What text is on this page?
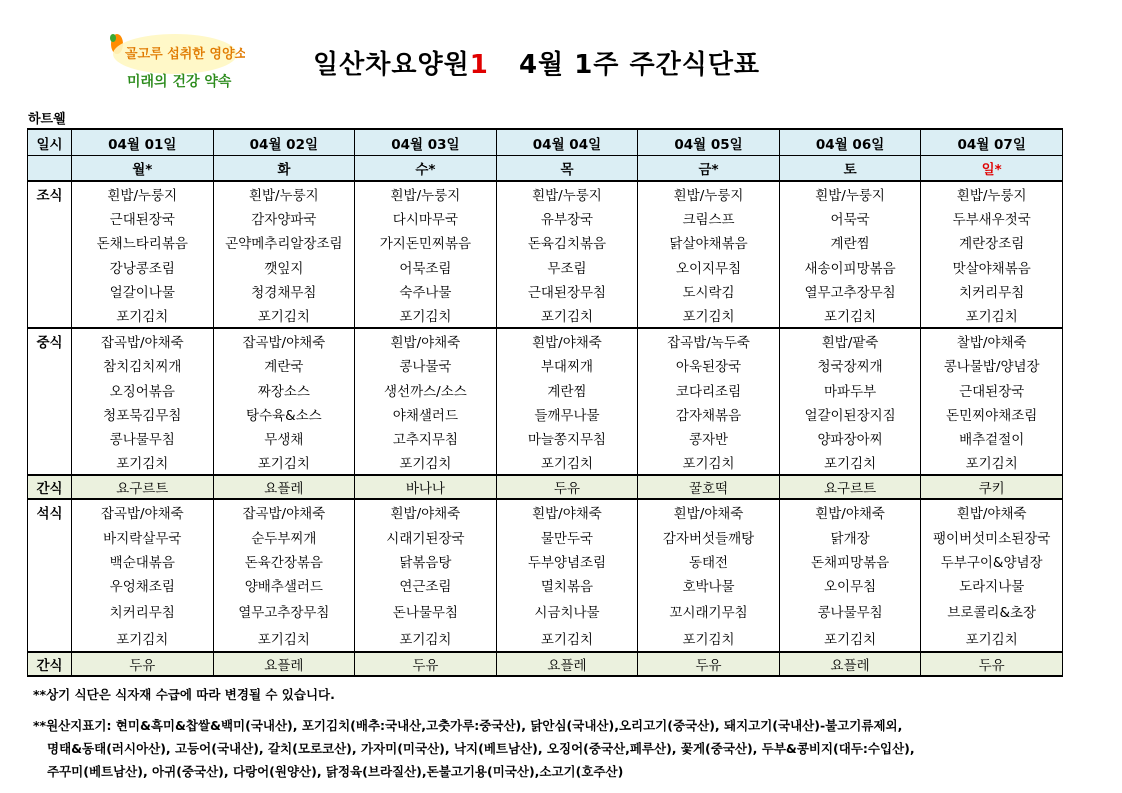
골고루 섭취한 영양소
미래의 건강 약속
일산차요양원1 4월 1주 주간식단표
하트웰
일시	04월 01일	04월 02일	04월 03일	04월 04일	04월 05일	04월 06일	04월 07일
	월*	화	수*	목	금*	토	일*

조식	흰밥/누룽지	흰밥/누룽지	흰밥/누룽지	흰밥/누룽지	흰밥/누룽지	흰밥/누룽지	흰밥/누룽지
	근대된장국	감자양파국	다시마무국	유부장국	크림스프	어묵국	두부새우젓국
	돈채느타리볶음	곤약메추리알장조림	가지돈민찌볶음	돈육김치볶음	닭살야채볶음	계란찜	계란장조림
	강낭콩조림	깻잎지	어묵조림	무조림	오이지무침	새송이피망볶음	맛살야채볶음
	얼갈이나물	청경채무침	숙주나물	근대된장무침	도시락김	열무고추장무침	치커리무침
	포기김치	포기김치	포기김치	포기김치	포기김치	포기김치	포기김치

중식	잡곡밥/야채죽	잡곡밥/야채죽	흰밥/야채죽	흰밥/야채죽	잡곡밥/녹두죽	흰밥/팥죽	찰밥/야채죽
	참치김치찌개	계란국	콩나물국	부대찌개	아욱된장국	청국장찌개	콩나물밥/양념장
	오징어볶음	짜장소스	생선까스/소스	계란찜	코다리조림	마파두부	근대된장국
	청포묵김무침	탕수육&소스	야채샐러드	들깨무나물	감자채볶음	얼갈이된장지짐	돈민찌야채조림
	콩나물무침	무생채	고추지무침	마늘쫑지무침	콩자반	양파장아찌	배추겉절이
	포기김치	포기김치	포기김치	포기김치	포기김치	포기김치	포기김치
간식	요구르트	요플레	바나나	두유	꿀호떡	요구르트	쿠키

석식	잡곡밥/야채죽	잡곡밥/야채죽	흰밥/야채죽	흰밥/야채죽	흰밥/야채죽	흰밥/야채죽	흰밥/야채죽
	바지락살무국	순두부찌개	시래기된장국	물만두국	감자버섯들깨탕	닭개장	팽이버섯미소된장국
	백순대볶음	돈육간장볶음	닭볶음탕	두부양념조림	동태전	돈채피망볶음	두부구이&양념장
	우엉채조림	양배추샐러드	연근조림	멸치볶음	호박나물	오이무침	도라지나물
	치커리무침	열무고추장무침	돈나물무침	시금치나물	꼬시래기무침	콩나물무침	브로콜리&초장
	포기김치	포기김치	포기김치	포기김치	포기김치	포기김치	포기김치
간식	두유	요플레	두유	요플레	두유	요플레	두유
**상기 식단은 식자재 수급에 따라 변경될 수 있습니다.
**원산지표기: 현미&흑미&찹쌀&백미(국내산), 포기김치(배추:국내산,고춧가루:중국산), 닭안심(국내산),오리고기(중국산), 돼지고기(국내산)-불고기류제외,
명태&동태(러시아산), 고등어(국내산), 갈치(모로코산), 가자미(미국산), 낙지(베트남산), 오징어(중국산,페루산), 꽃게(중국산), 두부&콩비지(대두:수입산),
주꾸미(베트남산), 아귀(중국산), 다랑어(원양산), 닭정육(브라질산),돈불고기용(미국산),소고기(호주산)
